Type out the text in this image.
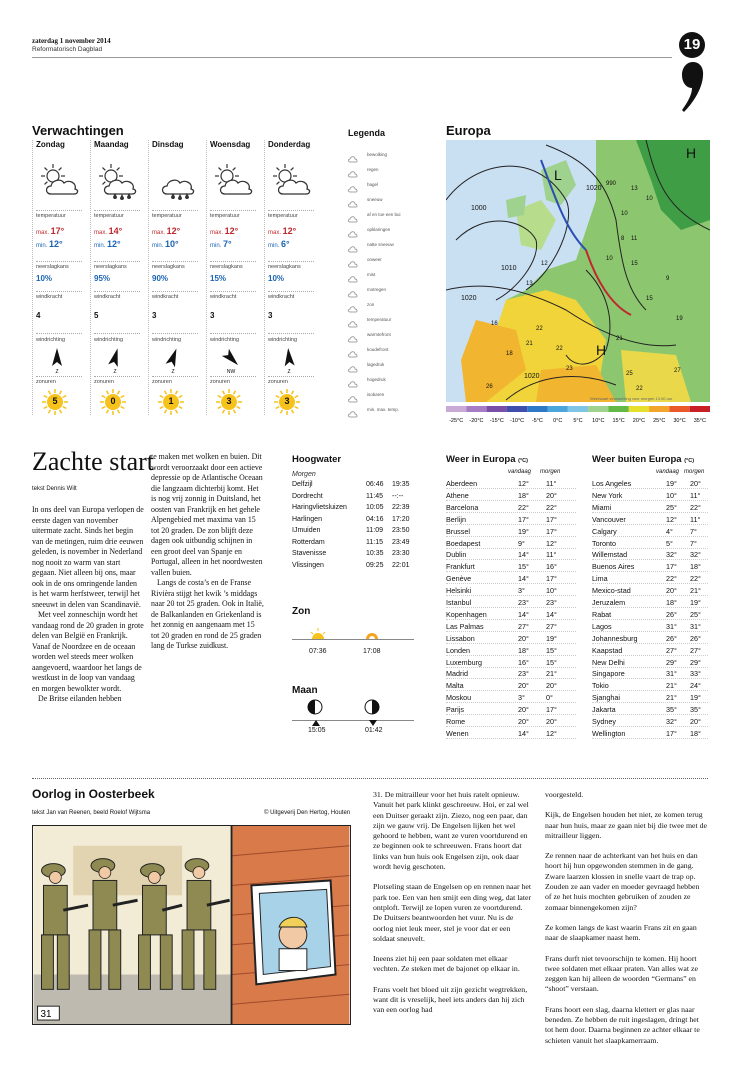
zaterdag 1 november 2014
Reformatorisch Dagblad	19
Verwachtingen
Zondag
temperatuur
max. 17°
min. 12°
neerslagkans
10%
windkracht
4
windrichting
Z
zonuren
5
Maandag
temperatuur
max. 14°
min. 12°
neerslagkans
95%
windkracht
5
windrichting
Z
zonuren
0
Dinsdag
temperatuur
max. 12°
min. 10°
neerslagkans
90%
windkracht
3
windrichting
Z
zonuren
1
Woensdag
temperatuur
max. 12°
min. 7°
neerslagkans
15%
windkracht
3
windrichting
NW
zonuren
3
Donderdag
temperatuur
max. 12°
min. 6°
neerslagkans
10%
windkracht
3
windrichting
Z
zonuren
3
Legenda
bewolking
regen
hagel
sneeuw
af en toe een bui
opklaringen
natte sneeuw
onweer
mist
motregen
zon
temperatuur
warmtefront
koudefront
lagedruk
hogedruk
isobaren
min. max. temp.
Europa
L
H
H
1000
1010
1020
1020
1020
990
13
10
10
8 11
12	15
16
13
15
18
22
21
22
21
23
26
25
22
27
19
10
9
Weerkaart verwachting voor morgen 13.00 uur
-25°C -20°C -15°C -10°C -5°C 0°C 5°C 10°C 15°C 20°C 25°C 30°C 35°C
Zachte start
tekst Dennis Wilt

In ons deel van Europa verlopen de eerste dagen van november uitermate zacht. Sinds het begin van de metingen, ruim drie eeuwen geleden, is november in Nederland nog nooit zo warm van start gegaan. Niet alleen bij ons, maar ook in de ons omringende landen is het warm herfstweer, terwijl het sneeuwt in delen van Scandinavië.

Met veel zonneschijn wordt het vandaag rond de 20 graden in grote delen van België en Frankrijk. Vanaf de Noordzee en de oceaan worden wel steeds meer wolken aangevoerd, waardoor het langs de westkust in de loop van vandaag en morgen bewolkter wordt.

De Britse eilanden hebben

te maken met wolken en buien. Dit wordt veroorzaakt door een actieve depressie op de Atlantische Oceaan die langzaam dichterbij komt. Het is nog vrij zonnig in Duitsland, het oosten van Frankrijk en het gehele Alpengebied met maxima van 15 tot 20 graden. De zon blijft deze dagen ook uitbundig schijnen in een groot deel van Spanje en Portugal, alleen in het noordwesten vallen buien.

Langs de costa’s en de Franse Rivièra stijgt het kwik ’s middags naar 20 tot 25 graden. Ook in Italië, de Balkanlanden en Griekenland is het zonnig en aangenaam met 15 tot 20 graden en rond de 25 graden lang de Turkse zuidkust.

Hoogwater
Morgen
Delfzijl	06:46 19:35
Dordrecht	11:45 --:--
Haringvlietsluizen	10:05 22:39
Harlingen	04:16 17:20
IJmuiden	11:09 23:50
Rotterdam	11:15 23:49
Stavenisse	10:35 23:30
Vlissingen	09:25 22:01
Zon
07:36	17:08
Maan
15:05	01:42
Weer in Europa (°C)
vandaag morgen
Aberdeen	12° 11°
Athene	18° 20°
Barcelona	22° 22°
Berlijn	17° 17°
Brussel	19° 17°
Boedapest	9°	12°
Dublin	14° 11°
Frankfurt	15° 16°
Genève	14° 17°
Helsinki	3°	10°
Istanbul	23° 23°
Kopenhagen	14° 14°
Las Palmas	27° 27°
Lissabon	20° 19°
Londen	18° 15°
Luxemburg	16° 15°
Madrid	23° 21°
Malta	20° 20°
Moskou	3°	0°
Parijs	20° 17°
Rome	20° 20°
Wenen	14° 12°
Weer buiten Europa (°C)
vandaag morgen
Los Angeles	19° 20°
New York	10° 11°
Miami	25° 22°
Vancouver	12° 11°
Calgary	4° 7°
Toronto	5° 7°
Willemstad	32° 32°
Buenos Aires	17° 18°
Lima	22° 22°
Mexico-stad	20° 21°
Jeruzalem	18° 19°
Rabat	26° 25°
Lagos	31° 31°
Johannesburg	26° 26°
Kaapstad	27° 27°
New Delhi	29° 29°
Singapore	31° 33°
Tokio	21° 24°
Sjanghai	21° 19°
Jakarta	35° 35°
Sydney	32° 20°
Wellington	17° 18°
Oorlog in Oosterbeek
tekst Jan van Reenen, beeld Roelof Wijtsma	© Uitgeverij Den Hertog, Houten
31

31. De mitrailleur voor het huis ratelt opnieuw. Vanuit het park klinkt geschreeuw. Hoi, er zal wel een Duitser geraakt zijn. Ziezo, nog een paar, dan zijn we gauw vrij. De Engelsen lijken het wel gehoord te hebben, want ze vuren voortdurend en ze beginnen ook te schreeuwen. Frans hoort dat links van hun huis ook Engelsen zijn, ook daar wordt hevig geschoten.

Plotseling staan de Engelsen op en rennen naar het park toe. Een van hen smijt een ding weg, dat later ontploft. Terwijl ze lopen vuren ze voortdurend. De Duitsers beantwoorden het vuur. Nu is de oorlog niet leuk meer, stel je voor dat er een soldaat sneuvelt.

Ineens ziet hij een paar soldaten met elkaar vechten. Ze steken met de bajonet op elkaar in.

Frans voelt het bloed uit zijn gezicht wegtrekken, want dit is vreselijk, heel iets anders dan hij zich van een oorlog had

voorgesteld.

Kijk, de Engelsen houden het niet, ze komen terug naar hun huis, maar ze gaan niet bij die twee met de mitrailleur liggen.

Ze rennen naar de achterkant van het huis en dan hoort hij hun opgewonden stemmen in de gang. Zware laarzen klossen in snelle vaart de trap op. Zouden ze aan vader en moeder gevraagd hebben of ze het huis mochten gebruiken of zouden ze zomaar binnengekomen zijn?

Ze komen langs de kast waarin Frans zit en gaan naar de slaapkamer naast hem.

Frans durft niet tevoorschijn te komen. Hij hoort twee soldaten met elkaar praten. Van alles wat ze zeggen kan hij alleen de woorden “Germans” en “shoot” verstaan.

Frans hoort een slag, daarna klettert er glas naar beneden. Ze hebben de ruit ingeslagen, dringt het tot hem door. Daarna beginnen ze achter elkaar te schieten vanuit het slaapkamerraam.
